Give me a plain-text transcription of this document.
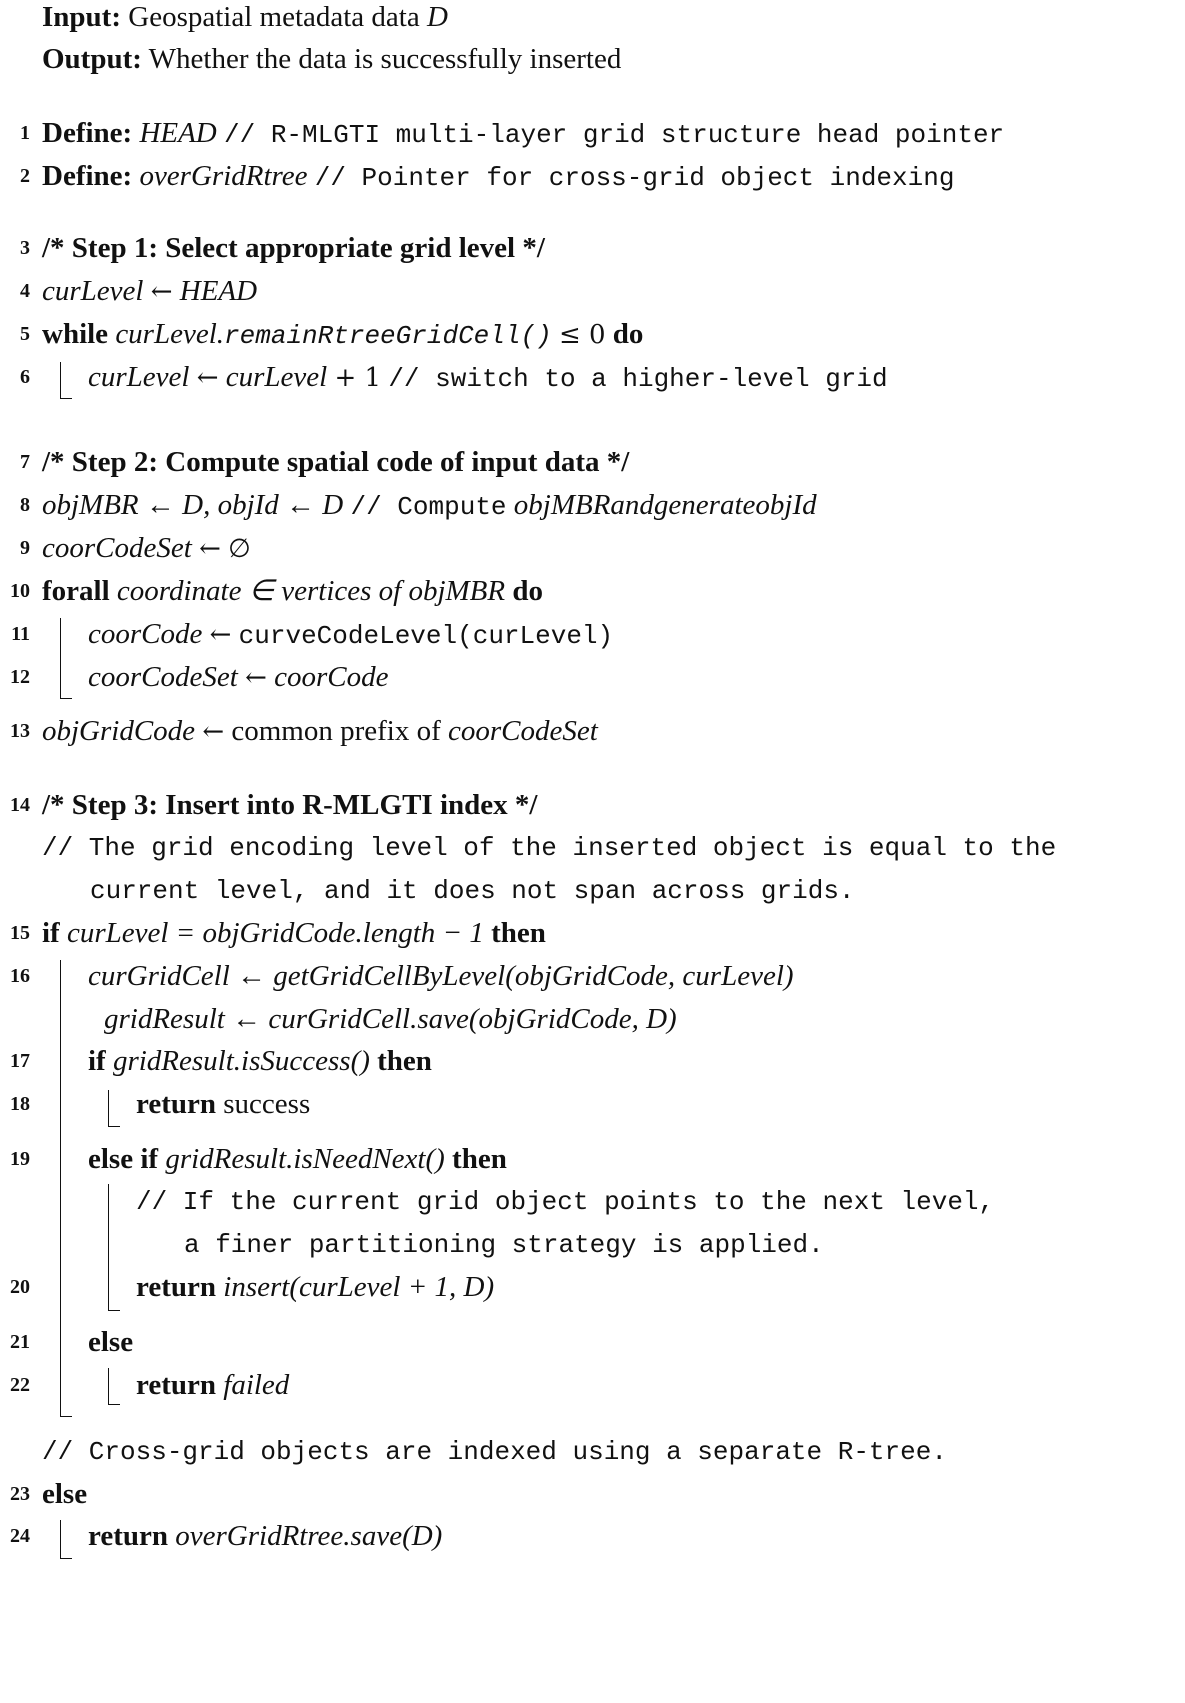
Input: Geospatial metadata data D
Output: Whether the data is successfully inserted
1 Define: HEAD // R-MLGTI multi-layer grid structure head pointer
2 Define: overGridRtree // Pointer for cross-grid object indexing
3 /* Step 1: Select appropriate grid level */
4 curLevel ← HEAD
5 while curLevel.remainRtreeGridCell() ≤ 0 do
6 curLevel ← curLevel + 1 // switch to a higher-level grid
7 /* Step 2: Compute spatial code of input data */
8 objMBR ← D, objId ← D // Compute objMBRandgenerateobjId
9 coorCodeSet ← ∅
10 forall coordinate ∈ vertices of objMBR do
11 coorCode ← curveCodeLevel(curLevel)
12 coorCodeSet ← coorCode
13 objGridCode ← common prefix of coorCodeSet
14 /* Step 3: Insert into R-MLGTI index */
// The grid encoding level of the inserted object is equal to the
current level, and it does not span across grids.
15 if curLevel = objGridCode.length − 1 then
16 curGridCell ← getGridCellByLevel(objGridCode, curLevel)
gridResult ← curGridCell.save(objGridCode, D)
17 if gridResult.isSuccess() then
18	return success
19 else if gridResult.isNeedNext() then
// If the current grid object points to the next level,
a finer partitioning strategy is applied.
20	return insert(curLevel + 1, D)
21 else
22	return failed
// Cross-grid objects are indexed using a separate R-tree.
23 else
24 return overGridRtree.save(D)
